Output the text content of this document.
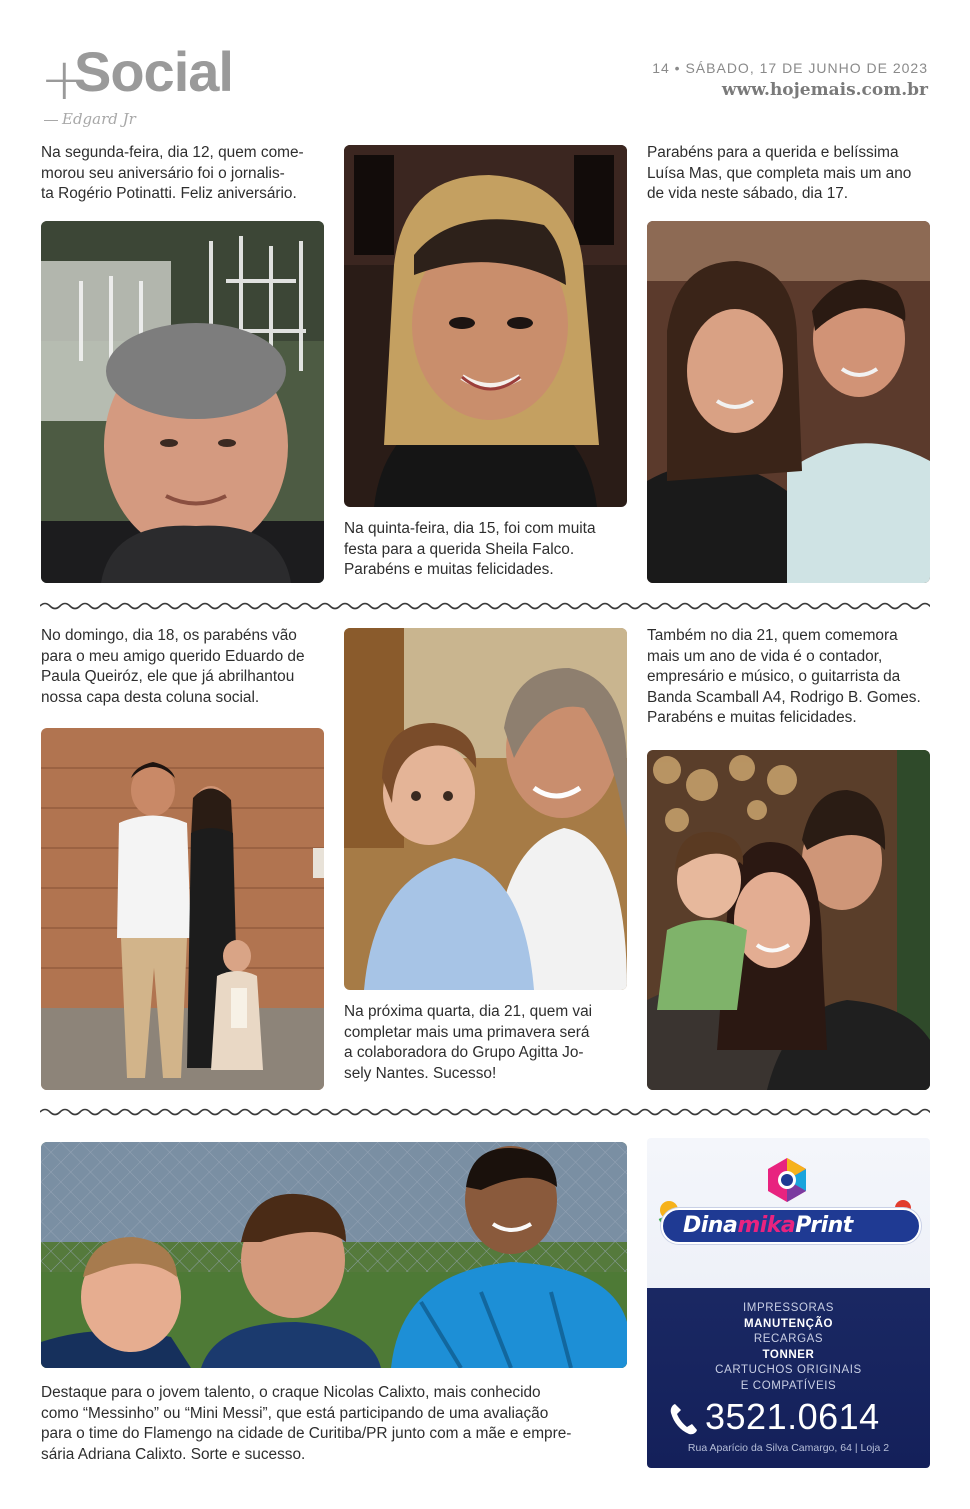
+
Social
Edgard Jr
14 • SÁBADO, 17 DE JUNHO DE 2023
www.hojemais.com.br
Na segunda-feira, dia 12, quem come-
morou seu aniversário foi o jornalis-
ta Rogério Potinatti. Feliz aniversário.
Na quinta-feira, dia 15, foi com muita
festa para a querida Sheila Falco.
Parabéns e muitas felicidades.
Parabéns para a querida e belíssima
Luísa Mas, que completa mais um ano
de vida neste sábado, dia 17.
No domingo, dia 18, os parabéns vão
para o meu amigo querido Eduardo de
Paula Queiróz, ele que já abrilhantou
nossa capa desta coluna social.
Na próxima quarta, dia 21, quem vai
completar mais uma primavera será
a colaboradora do Grupo Agitta Jo-
sely Nantes. Sucesso!
Também no dia 21, quem comemora
mais um ano de vida é o contador,
empresário e músico, o guitarrista da
Banda Scamball A4, Rodrigo B. Gomes.
Parabéns e muitas felicidades.
Destaque para o jovem talento, o craque Nicolas Calixto, mais conhecido
como “Messinho” ou “Mini Messi”, que está participando de uma avaliação
para o time do Flamengo na cidade de Curitiba/PR junto com a mãe e empre-
sária Adriana Calixto. Sorte e sucesso.
DinamikaPrint
IMPRESSORAS
MANUTENÇÃO
RECARGAS
TONNER
CARTUCHOS ORIGINAIS
E COMPATÍVEIS
3521.0614
Rua Aparício da Silva Camargo, 64 | Loja 2
